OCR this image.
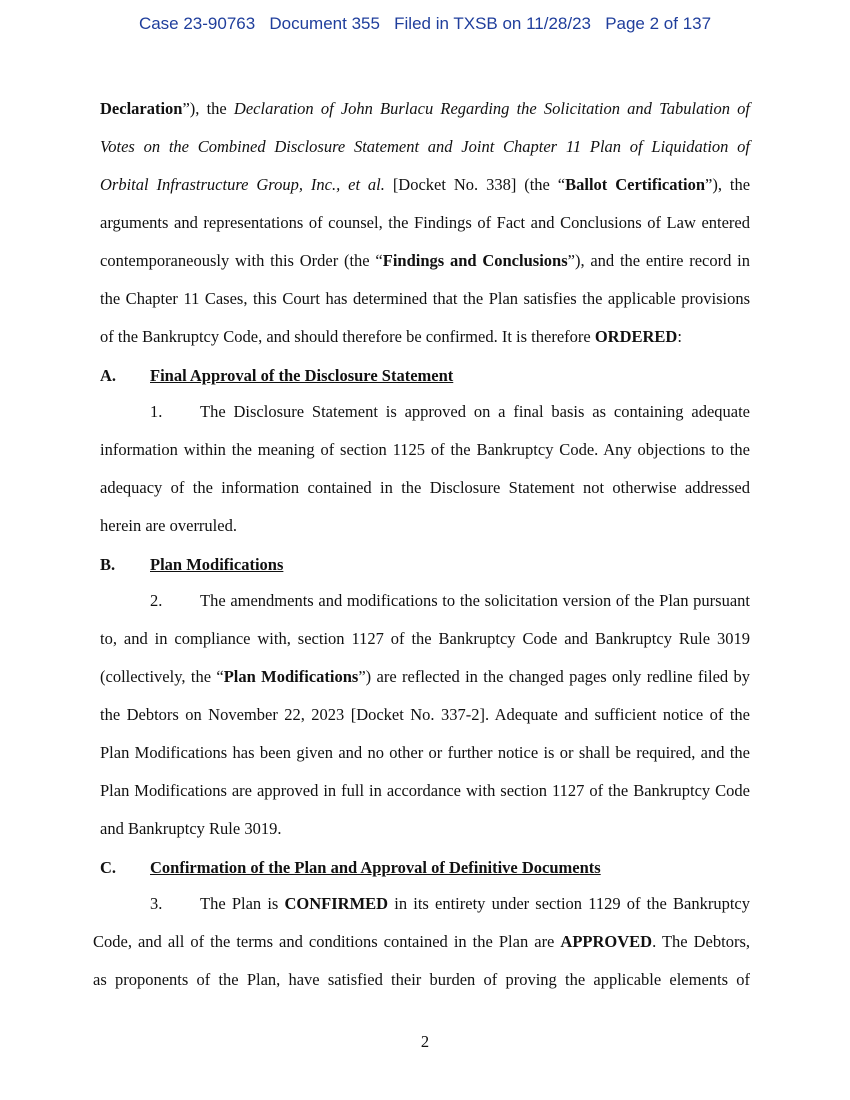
Case 23-90763 Document 355 Filed in TXSB on 11/28/23 Page 2 of 137
Declaration”), the Declaration of John Burlacu Regarding the Solicitation and Tabulation of
Votes on the Combined Disclosure Statement and Joint Chapter 11 Plan of Liquidation of
Orbital Infrastructure Group, Inc., et al. [Docket No. 338] (the “Ballot Certification”), the
arguments and representations of counsel, the Findings of Fact and Conclusions of Law entered
contemporaneously with this Order (the “Findings and Conclusions”), and the entire record in
the Chapter 11 Cases, this Court has determined that the Plan satisfies the applicable provisions
of the Bankruptcy Code, and should therefore be confirmed. It is therefore ORDERED:
A. Final Approval of the Disclosure Statement
1. The Disclosure Statement is approved on a final basis as containing adequate
information within the meaning of section 1125 of the Bankruptcy Code. Any objections to the
adequacy of the information contained in the Disclosure Statement not otherwise addressed
herein are overruled.
B. Plan Modifications
2. The amendments and modifications to the solicitation version of the Plan pursuant
to, and in compliance with, section 1127 of the Bankruptcy Code and Bankruptcy Rule 3019
(collectively, the “Plan Modifications”) are reflected in the changed pages only redline filed by
the Debtors on November 22, 2023 [Docket No. 337-2]. Adequate and sufficient notice of the
Plan Modifications has been given and no other or further notice is or shall be required, and the
Plan Modifications are approved in full in accordance with section 1127 of the Bankruptcy Code
and Bankruptcy Rule 3019.
C. Confirmation of the Plan and Approval of Definitive Documents
3. The Plan is CONFIRMED in its entirety under section 1129 of the Bankruptcy
Code, and all of the terms and conditions contained in the Plan are APPROVED. The Debtors,
as proponents of the Plan, have satisfied their burden of proving the applicable elements of
2
